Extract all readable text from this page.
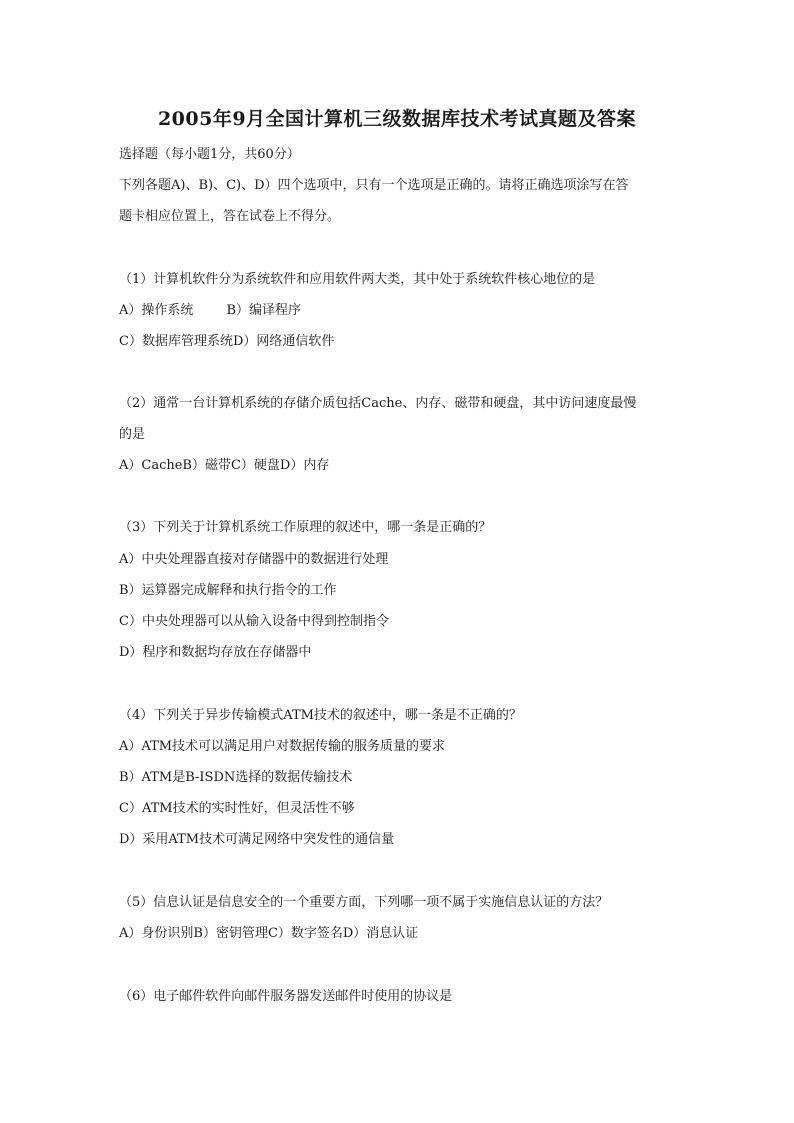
2005年9月全国计算机三级数据库技术考试真题及答案
选择题（每小题1分，共60分）
下列各题A)、B)、C)、D）四个选项中，只有一个选项是正确的。请将正确选项涂写在答
题卡相应位置上，答在试卷上不得分。
（1）计算机软件分为系统软件和应用软件两大类，其中处于系统软件核心地位的是
A）操作系统        B）编译程序
C）数据库管理系统D）网络通信软件
（2）通常一台计算机系统的存储介质包括Cache、内存、磁带和硬盘，其中访问速度最慢
的是
A）CacheB）磁带C）硬盘D）内存
（3）下列关于计算机系统工作原理的叙述中，哪一条是正确的？
A）中央处理器直接对存储器中的数据进行处理
B）运算器完成解释和执行指令的工作
C）中央处理器可以从输入设备中得到控制指令
D）程序和数据均存放在存储器中
（4）下列关于异步传输模式ATM技术的叙述中，哪一条是不正确的？
A）ATM技术可以满足用户对数据传输的服务质量的要求
B）ATM是B-ISDN选择的数据传输技术
C）ATM技术的实时性好，但灵活性不够
D）采用ATM技术可满足网络中突发性的通信量
（5）信息认证是信息安全的一个重要方面，下列哪一项不属于实施信息认证的方法？
A）身份识别B）密钥管理C）数字签名D）消息认证
（6）电子邮件软件向邮件服务器发送邮件时使用的协议是
